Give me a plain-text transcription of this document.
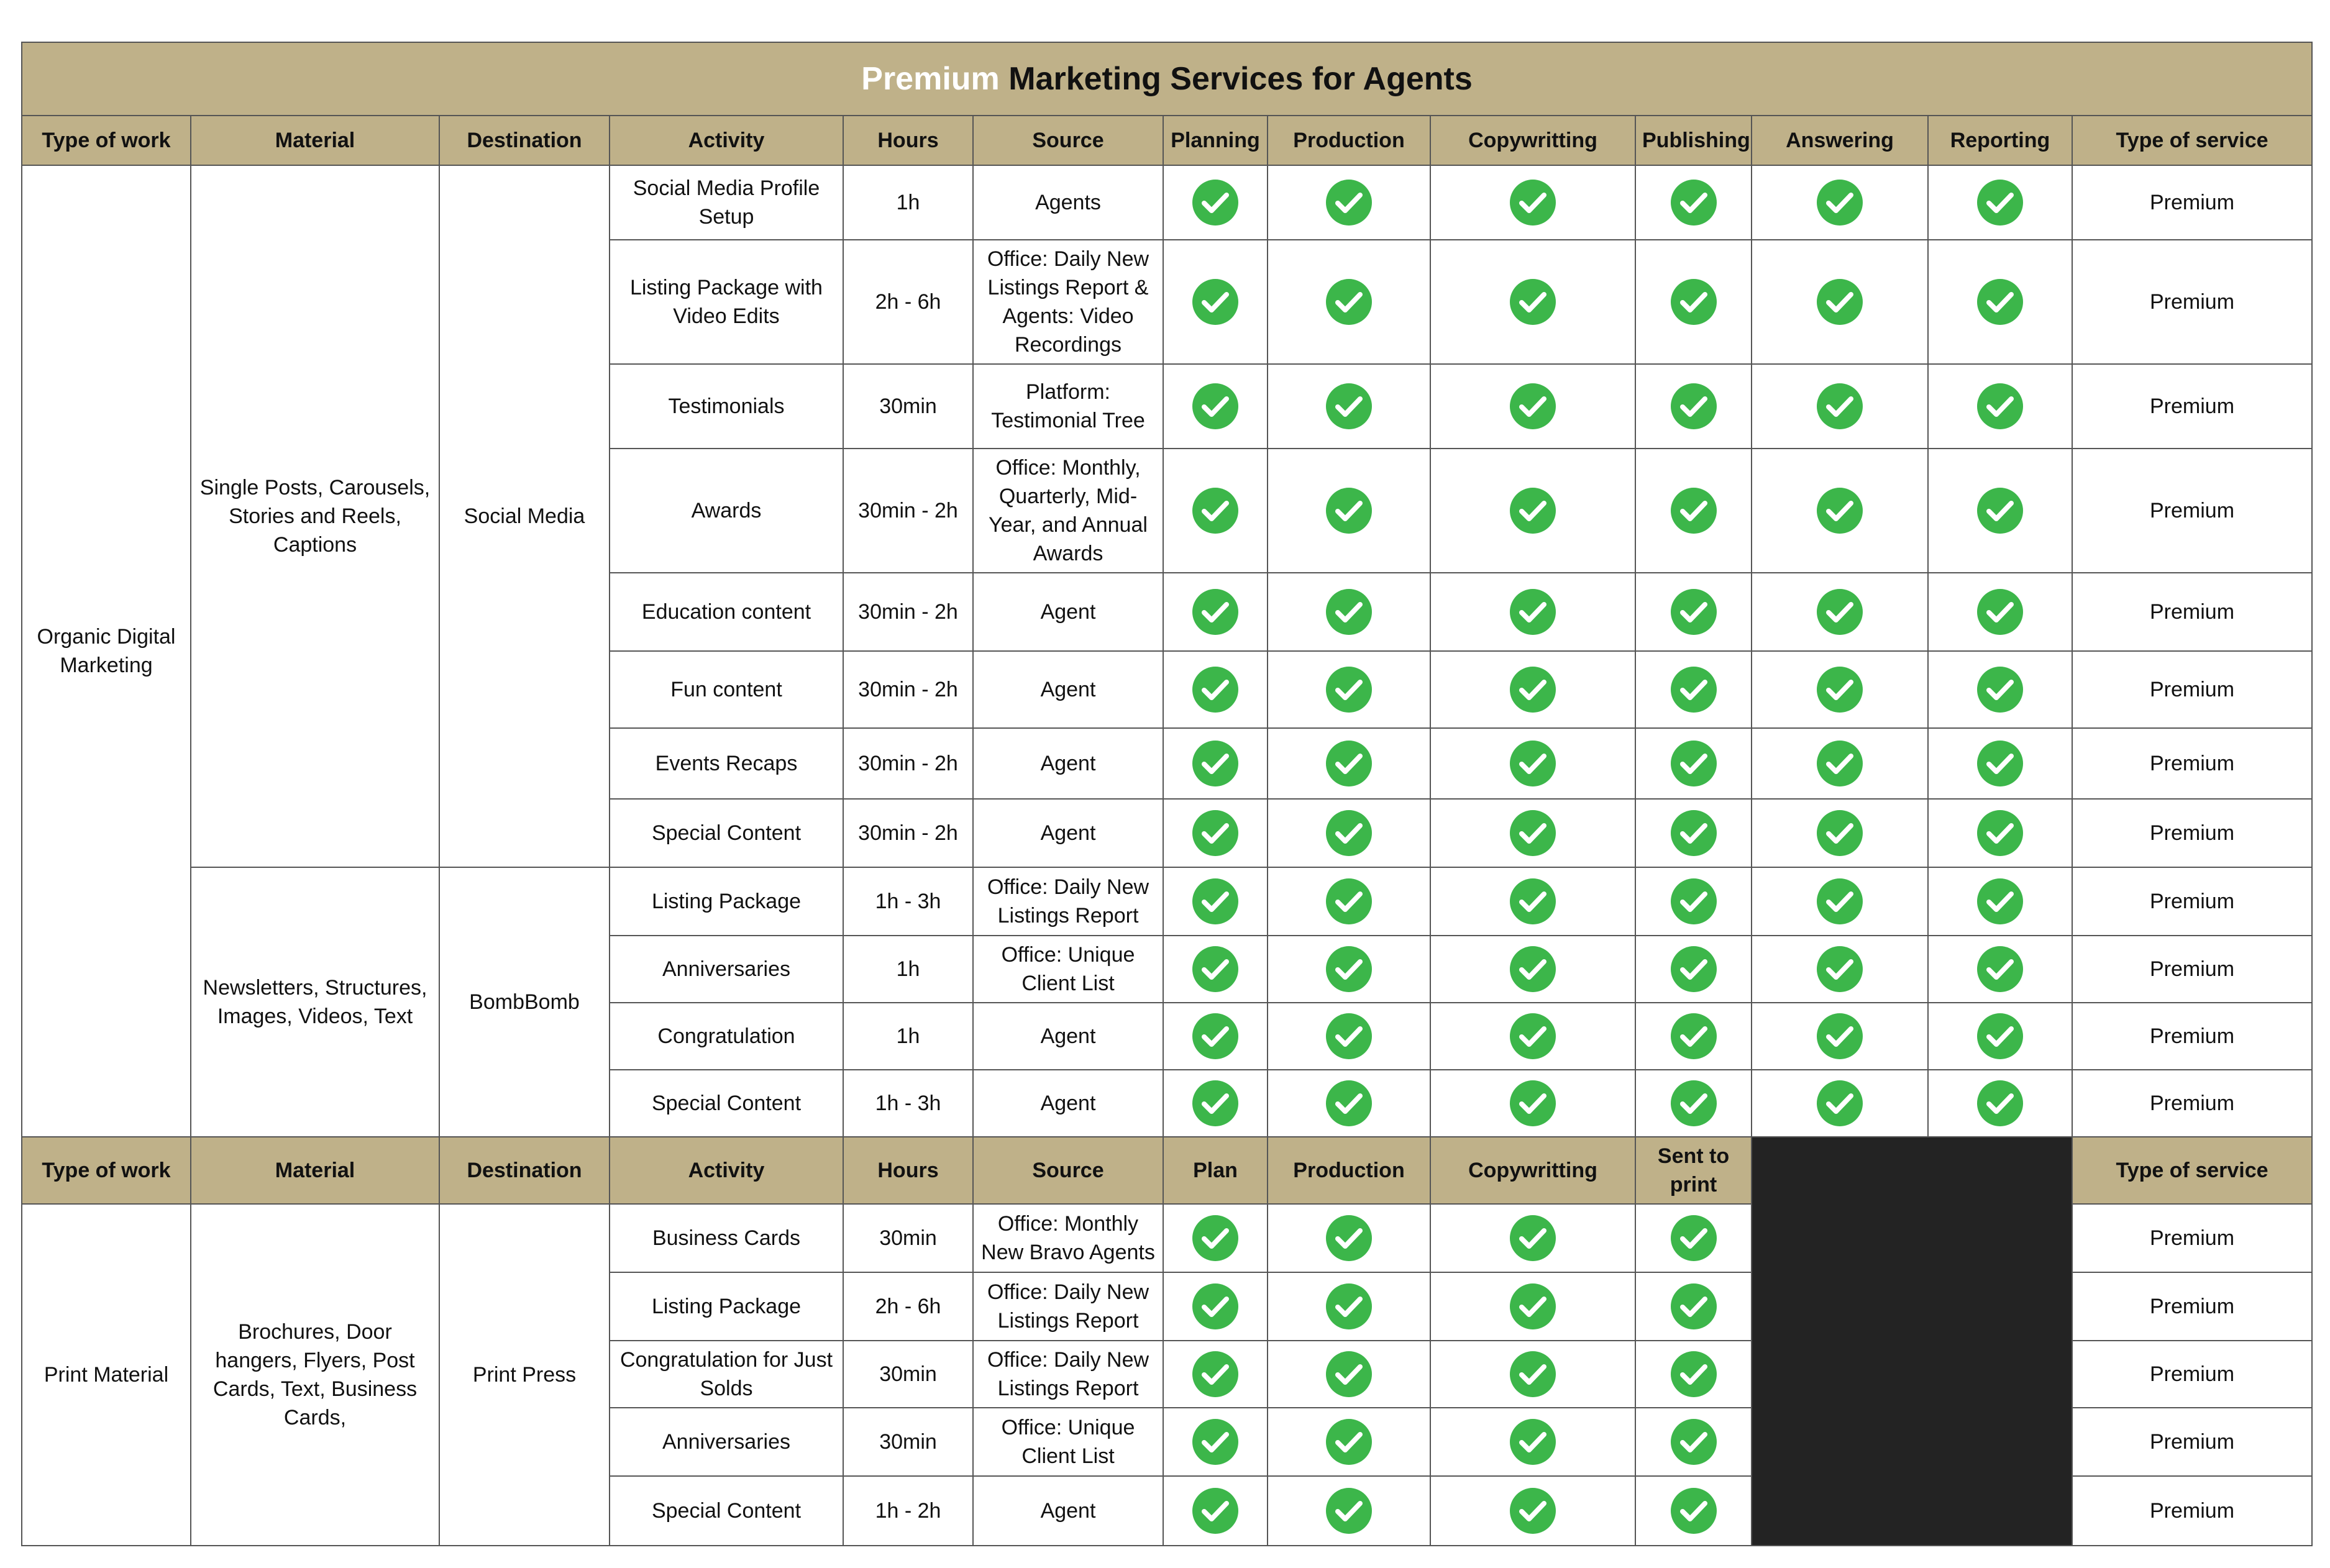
Premium Marketing Services for Agents												
Type of work	Material	Destination	Activity	Hours	Source	Planning	Production	Copywritting	Publishing	Answering	Reporting	Type of service
Organic Digital Marketing	Single Posts, Carousels, Stories and Reels, Captions	Social Media	Social Media Profile Setup	1h	Agents							Premium
			Listing Package with Video Edits	2h - 6h	Office: Daily New Listings Report & Agents: Video Recordings							Premium
			Testimonials	30min	Platform: Testimonial Tree							Premium
			Awards	30min - 2h	Office: Monthly, Quarterly, Mid-Year, and Annual Awards							Premium
			Education content	30min - 2h	Agent							Premium
			Fun content	30min - 2h	Agent							Premium
			Events Recaps	30min - 2h	Agent							Premium
			Special Content	30min - 2h	Agent							Premium
	Newsletters, Structures, Images, Videos, Text	BombBomb	Listing Package	1h - 3h	Office: Daily New Listings Report							Premium
			Anniversaries	1h	Office: Unique Client List							Premium
			Congratulation	1h	Agent							Premium
			Special Content	1h - 3h	Agent							Premium
Type of work	Material	Destination	Activity	Hours	Source	Plan	Production	Copywritting	Sent to print			Type of service
Print Material	Brochures, Door hangers, Flyers, Post Cards, Text, Business Cards,	Print Press	Business Cards	30min	Office: Monthly New Bravo Agents							Premium
			Listing Package	2h - 6h	Office: Daily New Listings Report							Premium
			Congratulation for Just Solds	30min	Office: Daily New Listings Report							Premium
			Anniversaries	30min	Office: Unique Client List							Premium
			Special Content	1h - 2h	Agent							Premium
